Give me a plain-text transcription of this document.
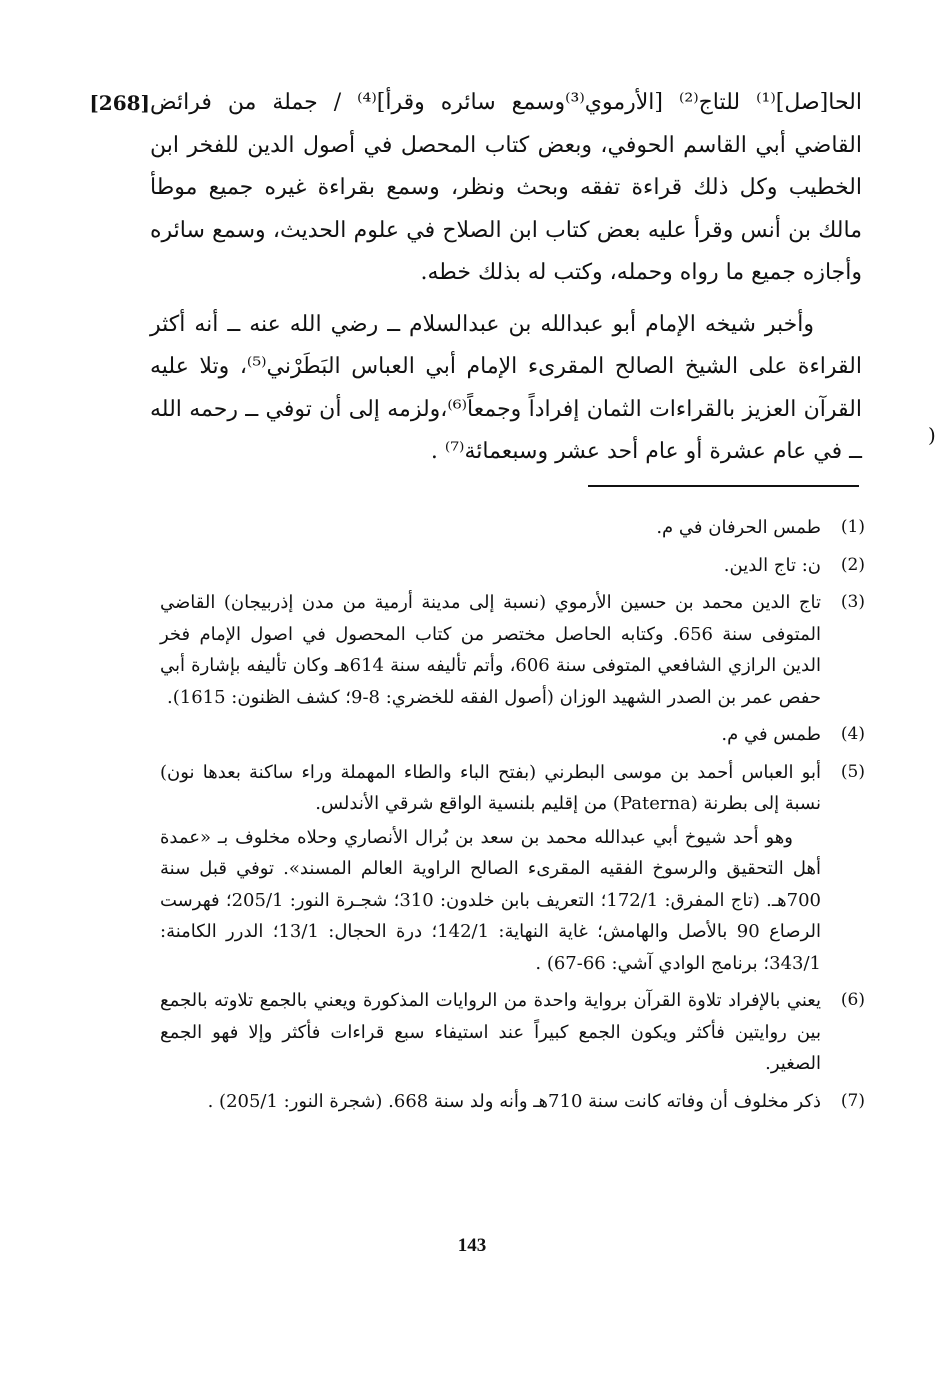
[268] الحا[صل]⁽¹⁾ للتاج⁽²⁾ [الأرموي⁽³⁾وسمع سائره وقرأ]⁽⁴⁾ / جملة من فرائض القاضي أبي القاسم الحوفي، وبعض كتاب المحصل في أصول الدين للفخر ابن الخطيب وكل ذلك قراءة تفقه وبحث ونظر، وسمع بقراءة غيره جميع موطأ مالك بن أنس وقرأ عليه بعض كتاب ابن الصلاح في علوم الحديث، وسمع سائره وأجازه جميع ما رواه وحمله، وكتب له بذلك خطه.

وأخبر شيخه الإمام أبو عبدالله بن عبدالسلام ــ رضي الله عنه ــ أنه أكثر القراءة على الشيخ الصالح المقرىء الإمام أبي العباس البَطَرْني⁽⁵⁾، وتلا عليه القرآن العزيز بالقراءات الثمان إفراداً وجمعاً⁽⁶⁾،ولزمه إلى أن توفي ــ رحمه الله ــ في عام عشرة أو عام أحد عشر وسبعمائة⁽⁷⁾ .

)
(1)

طمس الحرفان في م.

(2)

ن: تاج الدين.

(3)

تاج الدين محمد بن حسين الأرموي (نسبة إلى مدينة أرمية من مدن إذربيجان) القاضي المتوفى سنة 656. وكتابه الحاصل مختصر من كتاب المحصول في اصول الإمام فخر الدين الرازي الشافعي المتوفى سنة 606، وأتم تأليفه سنة 614هـ وكان تأليفه بإشارة أبي حفص عمر بن الصدر الشهيد الوزان (أصول الفقه للخضري: 8-9؛ كشف الظنون: 1615).

(4)

طمس في م.

(5)

أبو العباس أحمد بن موسى البطرني (بفتح الباء والطاء المهملة وراء ساكنة بعدها نون) نسبة إلى بطرنة (Paterna) من إقليم بلنسية الواقع شرقي الأندلس.

وهو أحد شيوخ أبي عبدالله محمد بن سعد بن بُرال الأنصاري وحلاه مخلوف بـ «عمدة أهل التحقيق والرسوخ الفقيه المقرىء الصالح الراوية العالم المسند». توفي قبل سنة 700هـ. (تاج المفرق: 172/1؛ التعريف بابن خلدون: 310؛ شجـرة النور: 205/1؛ فهرست الرصاع 90 بالأصل والهامش؛ غاية النهاية: 142/1؛ درة الحجال: 13/1؛ الدرر الكامنة: 343/1؛ برنامج الوادي آشي: 66-67) .

(6)

يعني بالإفراد تلاوة القرآن برواية واحدة من الروايات المذكورة ويعني بالجمع تلاوته بالجمع بين روايتين فأكثر ويكون الجمع كبيراً عند استيفاء سبع قراءات فأكثر وإلا فهو الجمع الصغير.

(7)

ذكر مخلوف أن وفاته كانت سنة 710هـ وأنه ولد سنة 668. (شجرة النور: 205/1) .

143
